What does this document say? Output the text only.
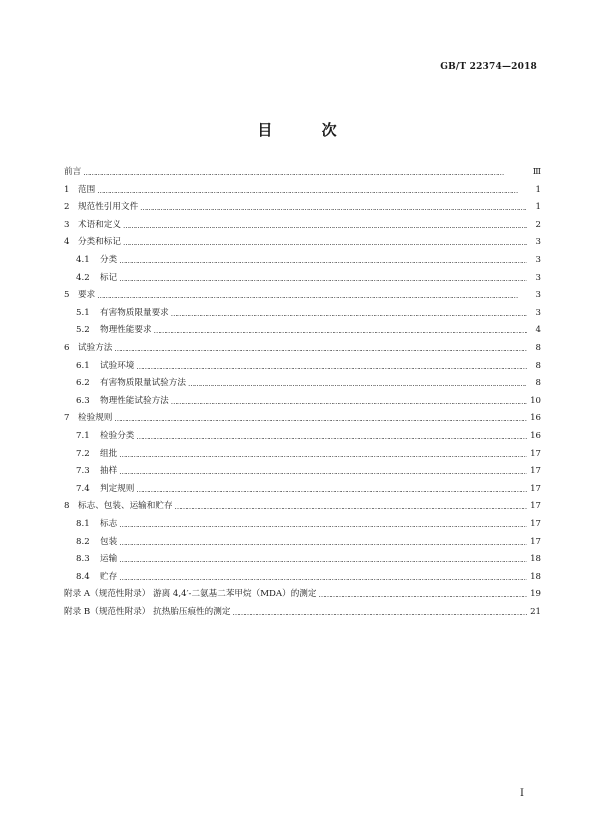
GB/T 22374—2018
目 次
前言 …………………………………………………………………………………………………………………………………………………………………………………………	Ⅲ
1 范围 …………………………………………………………………………………………………………………………………………………………………………………………	1
2 规范性引用文件 …………………………………………………………………………………………………………………………………………………………………………………………	1
3 术语和定义 …………………………………………………………………………………………………………………………………………………………………………………………	2
4 分类和标记 …………………………………………………………………………………………………………………………………………………………………………………………	3
4.1	分类 …………………………………………………………………………………………………………………………………………………………………………………………	3
4.2	标记 …………………………………………………………………………………………………………………………………………………………………………………………	3
5 要求 …………………………………………………………………………………………………………………………………………………………………………………………	3
5.1	有害物质限量要求 …………………………………………………………………………………………………………………………………………………………………………………………	3
5.2	物理性能要求 …………………………………………………………………………………………………………………………………………………………………………………………	4
6 试验方法 …………………………………………………………………………………………………………………………………………………………………………………………	8
6.1	试验环境 …………………………………………………………………………………………………………………………………………………………………………………………	8
6.2	有害物质限量试验方法 …………………………………………………………………………………………………………………………………………………………………………………………	8
6.3	物理性能试验方法 …………………………………………………………………………………………………………………………………………………………………………………………	10
7 检验规则 …………………………………………………………………………………………………………………………………………………………………………………………	16
7.1	检验分类 …………………………………………………………………………………………………………………………………………………………………………………………	16
7.2	组批 …………………………………………………………………………………………………………………………………………………………………………………………	17
7.3	抽样 …………………………………………………………………………………………………………………………………………………………………………………………	17
7.4	判定规则 …………………………………………………………………………………………………………………………………………………………………………………………	17
8 标志、包装、运输和贮存 …………………………………………………………………………………………………………………………………………………………………………………………	17
8.1	标志 …………………………………………………………………………………………………………………………………………………………………………………………	17
8.2	包装 …………………………………………………………………………………………………………………………………………………………………………………………	17
8.3	运输 …………………………………………………………………………………………………………………………………………………………………………………………	18
8.4	贮存 …………………………………………………………………………………………………………………………………………………………………………………………	18
附录 A（规范性附录） 游离 4,4′-二氨基二苯甲烷（MDA）的测定 …………………………………………………………………………………………………………………………………………………………………………………………	19
附录 B（规范性附录） 抗热胎压痕性的测定 …………………………………………………………………………………………………………………………………………………………………………………………	21
Ⅰ
